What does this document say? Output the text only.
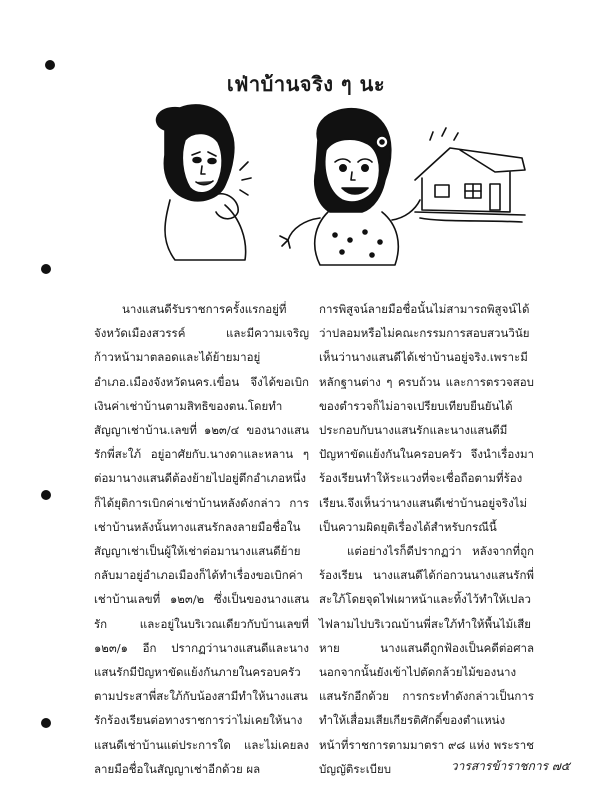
เฟ่าบ้านจริง ๆ นะ

นางแสนดีรับราชการครั้งแรกอยู่ที่จังหวัดเมืองสวรรค์ และมีความเจริญก้าวหน้ามาตลอดและได้ย้ายมาอยู่อำเภอ.เมืองจังหวัดนคร.เขื่อน จึงได้ขอเบิกเงินค่าเช่าบ้านตามสิทธิของตน.โดยทำสัญญาเช่าบ้าน.เลขที่ ๑๒๓/๔ ของนางแสนรักพี่สะใภ้ อยู่อาศัยกับ.นางดาและหลาน ๆ ต่อมานางแสนดีต้องย้ายไปอยู่ตึกอำเภอหนึ่งก็ได้ยุติการเบิกค่าเช่าบ้านหลังดังกล่าว การเช่าบ้านหลังนั้นทางแสนรักลงลายมือชื่อในสัญญาเช่าเป็นผู้ให้เช่าต่อมานางแสนดีย้ายกลับมาอยู่อำเภอเมืองก็ได้ทำเรื่องขอเบิกค่าเช่าบ้านเลขที่ ๑๒๓/๒ ซึ่งเป็นของนางแสนรัก และอยู่ในบริเวณเดียวกับบ้านเลขที่ ๑๒๓/๑ อีก ปรากฏว่านางแสนดีและนางแสนรักมีปัญหาขัดแย้งกันภายในครอบครัวตามประสาพี่สะใภ้กับน้องสามีทำให้นางแสนรักร้องเรียนต่อทางราชการว่าไม่เคยให้นางแสนดีเช่าบ้านแต่ประการใด และไม่เคยลงลายมือชื่อในสัญญาเช่าอีกด้วย ผล

การพิสูจน์ลายมือชื่อนั้นไม่สามารถพิสูจน์ได้ว่าปลอมหรือไม่คณะกรรมการสอบสวนวินัยเห็นว่านางแสนดีได้เช่าบ้านอยู่จริง.เพราะมีหลักฐานต่าง ๆ ครบถ้วน และการตรวจสอบของตำรวจก็ไม่อาจเปรียบเทียบยืนยันได้ประกอบกับนางแสนรักและนางแสนดีมีปัญหาขัดแย้งกันในครอบครัว จึงนำเรื่องมาร้องเรียนทำให้ระแวงที่จะเชื่อถือตามที่ร้องเรียน.จึงเห็นว่านางแสนดีเช่าบ้านอยู่จริงไม่เป็นความผิดยุติเรื่องได้สำหรับกรณีนี้

แต่อย่างไรก็ดีปรากฏว่า หลังจากที่ถูกร้องเรียน นางแสนดีได้ก่อกวนนางแสนรักพี่สะใภ้โดยจุดไฟเผาหน้าและทิ้งไว้ทำให้เปลวไฟลามไปบริเวณบ้านพี่สะใภ้ทำให้พื้นไม้เสียหาย นางแสนดีถูกฟ้องเป็นคดีต่อศาลนอกจากนั้นยังเข้าไปตัดกล้วยไม้ของนางแสนรักอีกด้วย การกระทำดังกล่าวเป็นการทำให้เสื่อมเสียเกียรติศักดิ์ของตำแหน่งหน้าที่ราชการตามมาตรา ๙๘ แห่ง พระราชบัญญัติระเบียบ	วารสารข้าราชการ ๗๕
